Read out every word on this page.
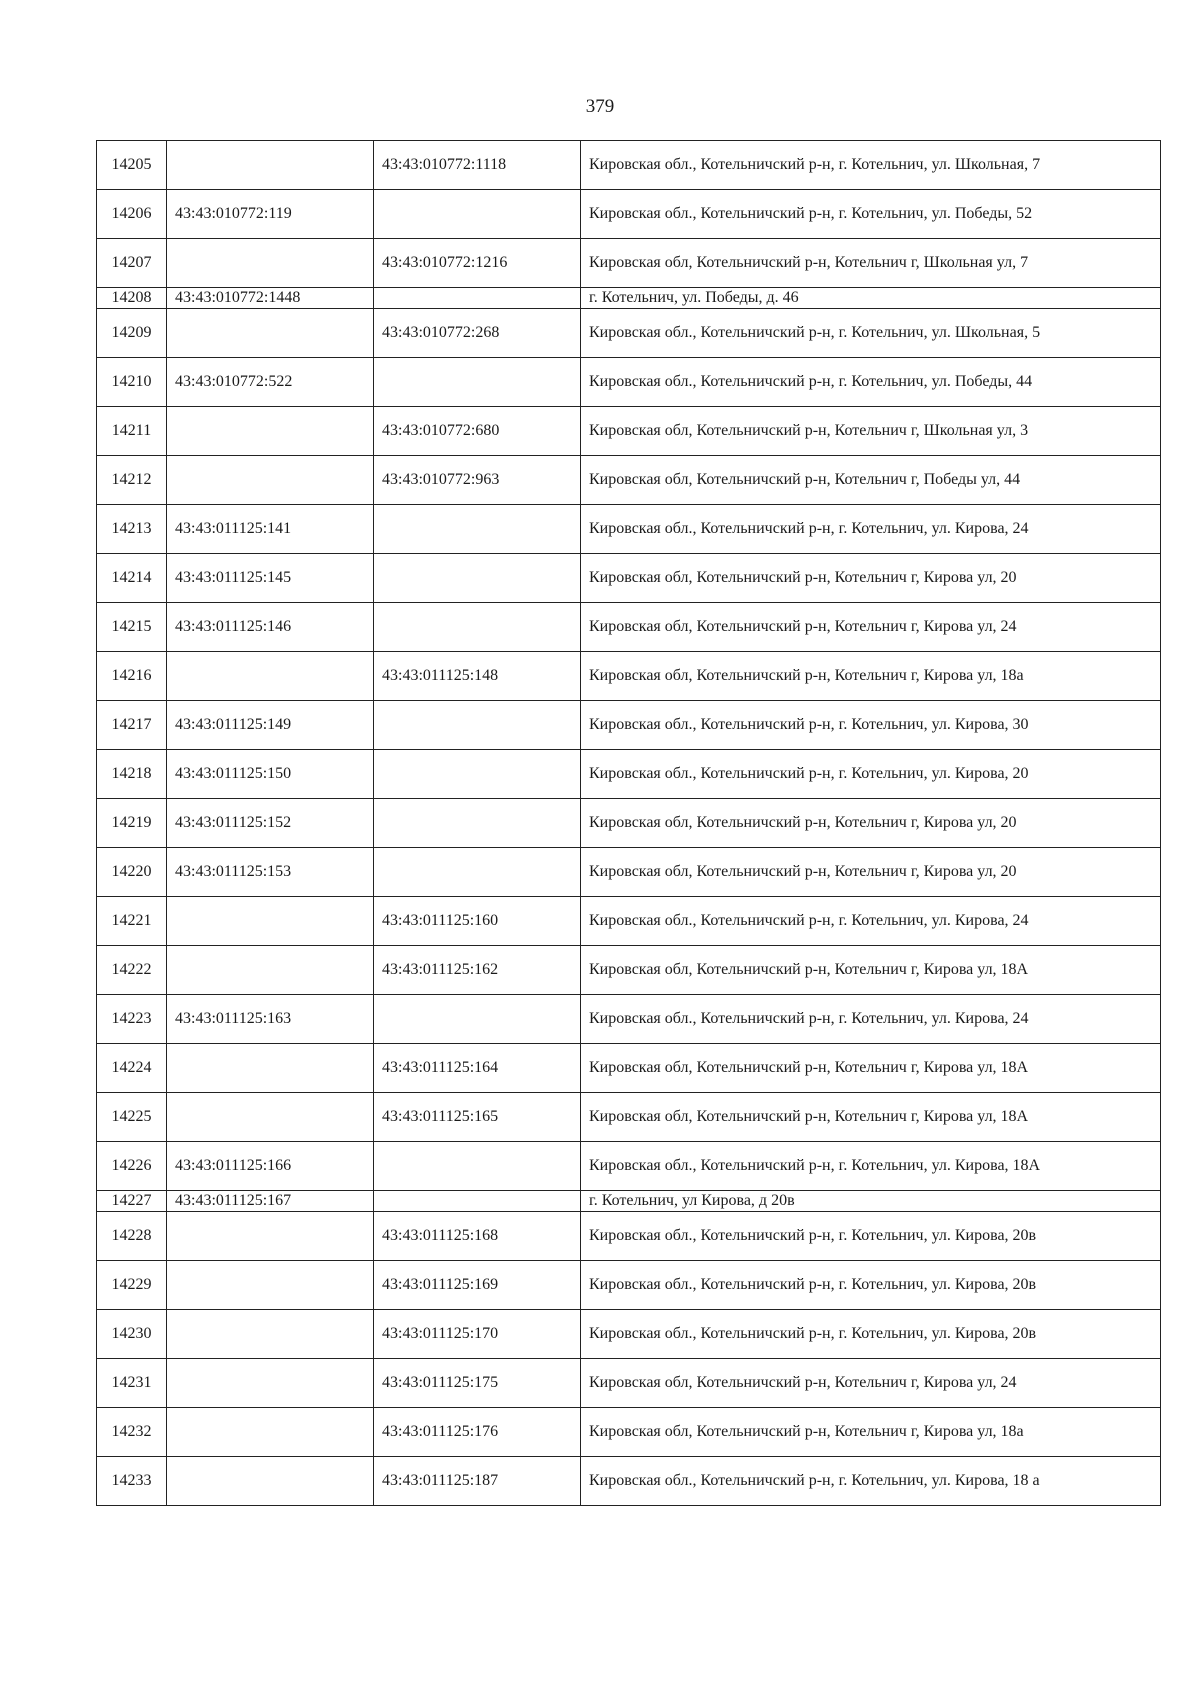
379
14205		43:43:010772:1118	Кировская обл., Котельничский р-н, г. Котельнич, ул. Школьная, 7
14206	43:43:010772:119		Кировская обл., Котельничский р-н, г. Котельнич, ул. Победы, 52
14207		43:43:010772:1216	Кировская обл, Котельничский р-н, Котельнич г, Школьная ул, 7
14208	43:43:010772:1448		г. Котельнич, ул. Победы, д. 46
14209		43:43:010772:268	Кировская обл., Котельничский р-н, г. Котельнич, ул. Школьная, 5
14210	43:43:010772:522		Кировская обл., Котельничский р-н, г. Котельнич, ул. Победы, 44
14211		43:43:010772:680	Кировская обл, Котельничский р-н, Котельнич г, Школьная ул, 3
14212		43:43:010772:963	Кировская обл, Котельничский р-н, Котельнич г, Победы ул, 44
14213	43:43:011125:141		Кировская обл., Котельничский р-н, г. Котельнич, ул. Кирова, 24
14214	43:43:011125:145		Кировская обл, Котельничский р-н, Котельнич г, Кирова ул, 20
14215	43:43:011125:146		Кировская обл, Котельничский р-н, Котельнич г, Кирова ул, 24
14216		43:43:011125:148	Кировская обл, Котельничский р-н, Котельнич г, Кирова ул, 18а
14217	43:43:011125:149		Кировская обл., Котельничский р-н, г. Котельнич, ул. Кирова, 30
14218	43:43:011125:150		Кировская обл., Котельничский р-н, г. Котельнич, ул. Кирова, 20
14219	43:43:011125:152		Кировская обл, Котельничский р-н, Котельнич г, Кирова ул, 20
14220	43:43:011125:153		Кировская обл, Котельничский р-н, Котельнич г, Кирова ул, 20
14221		43:43:011125:160	Кировская обл., Котельничский р-н, г. Котельнич, ул. Кирова, 24
14222		43:43:011125:162	Кировская обл, Котельничский р-н, Котельнич г, Кирова ул, 18А
14223	43:43:011125:163		Кировская обл., Котельничский р-н, г. Котельнич, ул. Кирова, 24
14224		43:43:011125:164	Кировская обл, Котельничский р-н, Котельнич г, Кирова ул, 18А
14225		43:43:011125:165	Кировская обл, Котельничский р-н, Котельнич г, Кирова ул, 18А
14226	43:43:011125:166		Кировская обл., Котельничский р-н, г. Котельнич, ул. Кирова, 18А
14227	43:43:011125:167		г. Котельнич, ул Кирова, д 20в
14228		43:43:011125:168	Кировская обл., Котельничский р-н, г. Котельнич, ул. Кирова, 20в
14229		43:43:011125:169	Кировская обл., Котельничский р-н, г. Котельнич, ул. Кирова, 20в
14230		43:43:011125:170	Кировская обл., Котельничский р-н, г. Котельнич, ул. Кирова, 20в
14231		43:43:011125:175	Кировская обл, Котельничский р-н, Котельнич г, Кирова ул, 24
14232		43:43:011125:176	Кировская обл, Котельничский р-н, Котельнич г, Кирова ул, 18а
14233		43:43:011125:187	Кировская обл., Котельничский р-н, г. Котельнич, ул. Кирова, 18 а
